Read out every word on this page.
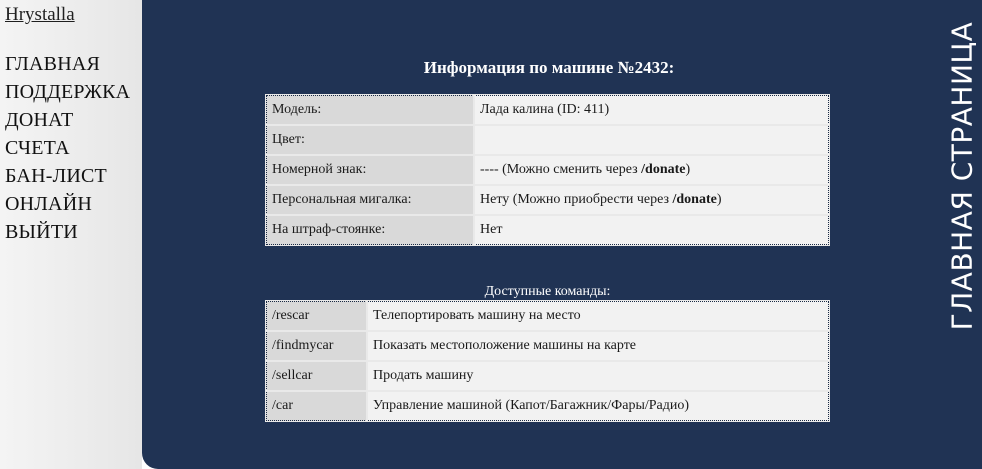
Hrystalla
ГЛАВНАЯ
ПОДДЕРЖКА
ДОНАТ
СЧЕТА
БАН-ЛИСТ
ОНЛАЙН
ВЫЙТИ
Информация по машине №2432:
Модель:	Лада калина (ID: 411)
Цвет:	
Номерной знак:	---- (Можно сменить через /donate)
Персональная мигалка:	Нету (Можно приобрести через /donate)
На штраф-стоянке:	Нет
Доступные команды:
/rescar	Телепортировать машину на место
/findmycar	Показать местоположение машины на карте
/sellcar	Продать машину
/car	Управление машиной (Капот/Багажник/Фары/Радио)
ГЛАВНАЯ СТРАНИЦА
